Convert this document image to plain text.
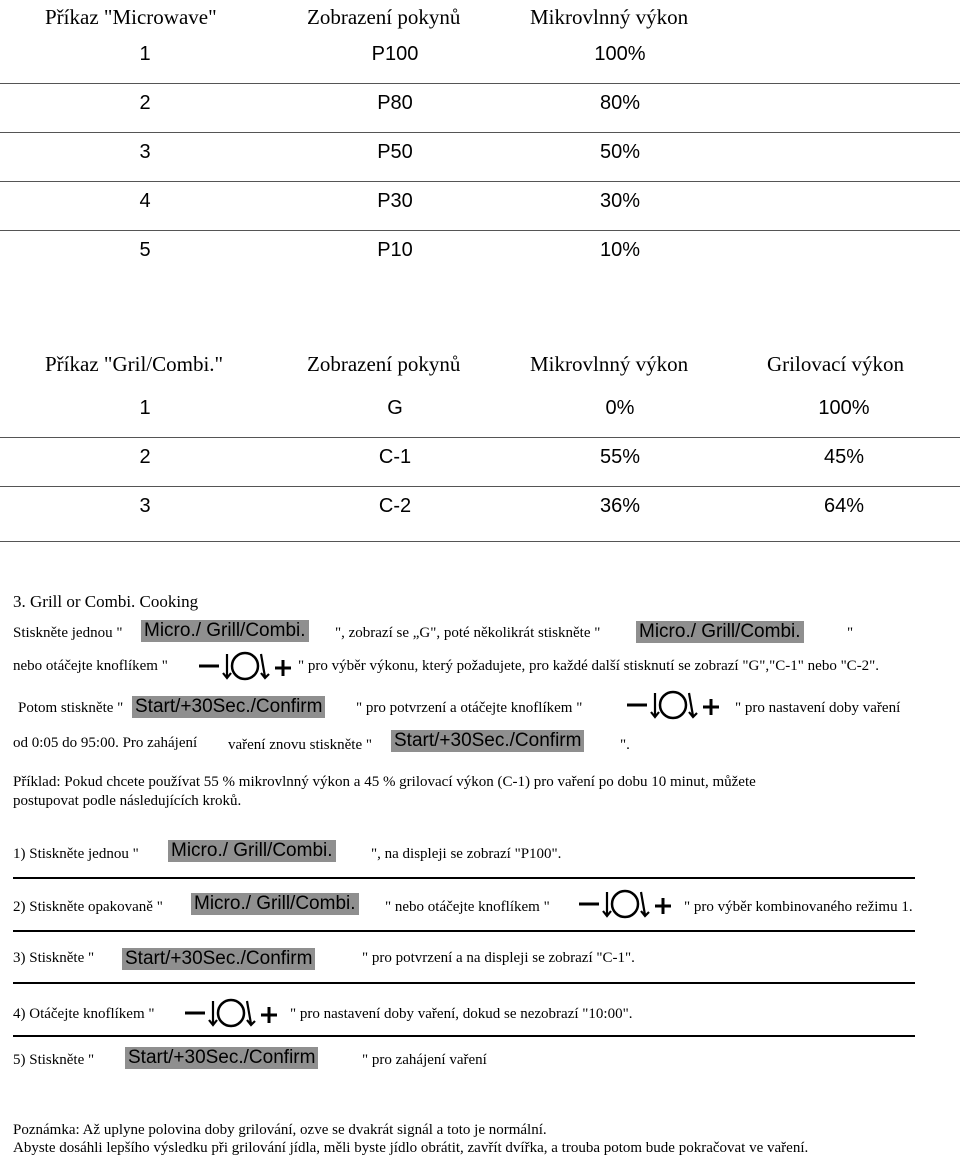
Příkaz "Microwave"	Zobrazení pokynů	Mikrovlnný výkon
1	P100	100%
2	P80	80%
3	P50	50%
4	P30	30%
5	P10	10%
Příkaz "Gril/Combi."	Zobrazení pokynů	Mikrovlnný výkon	Grilovací výkon
1	G	0%	100%
2	C-1	55%	45%
3	C-2	36%	64%
3. Grill or Combi. Cooking
Stiskněte jednou " Micro./ Grill/Combi. ", zobrazí se „G", poté několikrát stiskněte " Micro./ Grill/Combi.	"
nebo otáčejte knoflíkem "	" pro výběr výkonu, který požadujete, pro každé další stisknutí se zobrazí "G","C-1" nebo "C-2".
Potom stiskněte " Start/+30Sec./Confirm " pro potvrzení a otáčejte knoflíkem "	" pro nastavení doby vaření
od 0:05 do 95:00. Pro zahájení vaření znovu stiskněte " Start/+30Sec./Confirm	".
Příklad: Pokud chcete používat 55 % mikrovlnný výkon a 45 % grilovací výkon (C-1) pro vaření po dobu 10 minut, můžete
postupovat podle následujících kroků.
1) Stiskněte jednou " Micro./ Grill/Combi.	", na displeji se zobrazí "P100".
2) Stiskněte opakovaně " Micro./ Grill/Combi. " nebo otáčejte knoflíkem "	" pro výběr kombinovaného režimu 1.
3) Stiskněte " Start/+30Sec./Confirm	" pro potvrzení a na displeji se zobrazí "C-1".
4) Otáčejte knoflíkem "	" pro nastavení doby vaření, dokud se nezobrazí "10:00".
5) Stiskněte " Start/+30Sec./Confirm	" pro zahájení vaření
Poznámka: Až uplyne polovina doby grilování, ozve se dvakrát signál a toto je normální.
Abyste dosáhli lepšího výsledku při grilování jídla, měli byste jídlo obrátit, zavřít dvířka, a trouba potom bude pokračovat ve vaření.
